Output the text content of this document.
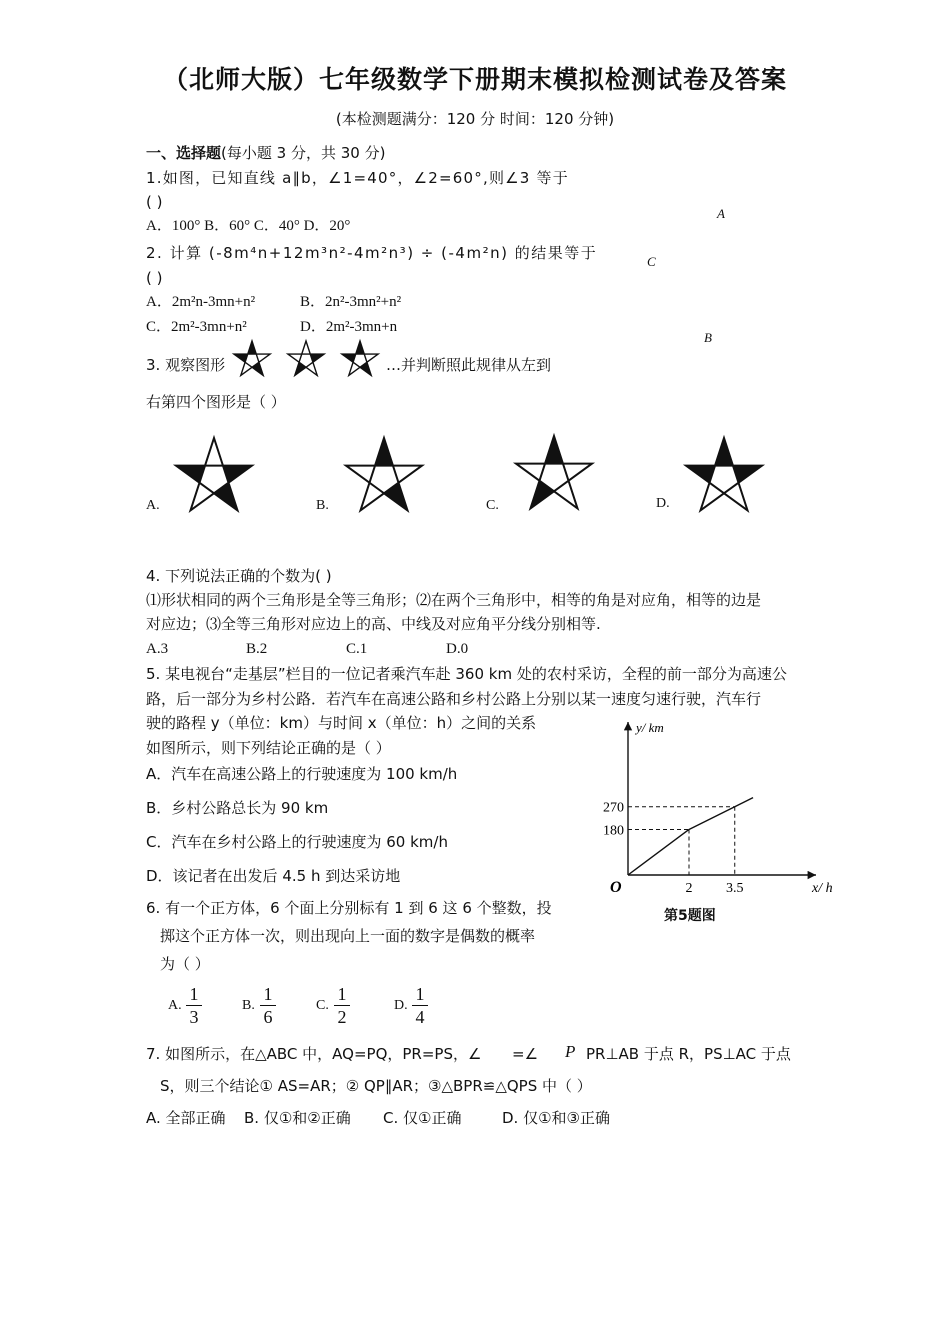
（北师大版）七年级数学下册期末模拟检测试卷及答案
(本检测题满分：120 分 时间：120 分钟)
一、选择题(每小题 3 分，共 30 分)
1.如图，已知直线 a∥b，∠1=40°，∠2=60°,则∠3 等于
( )
A．100° B．60° C．40° D．20°
A
C
B
2. 计算 (-8m⁴n+12m³n²-4m²n³) ÷ (-4m²n) 的结果等于
( )
A．2m²n-3mn+n²	B．2n²-3mn²+n²
C．2m²-3mn+n²	D．2m²-3mn+n
3. 观察图形	…并判断照此规律从左到
右第四个图形是（ ）
A.	B.	C.	D.
4. 下列说法正确的个数为( )
⑴形状相同的两个三角形是全等三角形；⑵在两个三角形中，相等的角是对应角，相等的边是
对应边；⑶全等三角形对应边上的高、中线及对应角平分线分别相等.
A.3	B.2	C.1	D.0
5. 某电视台“走基层”栏目的一位记者乘汽车赴 360 km 处的农村采访，全程的前一部分为高速公
路，后一部分为乡村公路．若汽车在高速公路和乡村公路上分别以某一速度匀速行驶，汽车行
驶的路程 y（单位：km）与时间 x（单位：h）之间的关系
如图所示，则下列结论正确的是（ ）
A．汽车在高速公路上的行驶速度为 100 km/h
B．乡村公路总长为 90 km
C．汽车在乡村公路上的行驶速度为 60 km/h
D．该记者在出发后 4.5 h 到达采访地
2 3.5
180
270
y/ km
x/ h
O
第5题图
6. 有一个正方体，6 个面上分别标有 1 到 6 这 6 个整数，投
掷这个正方体一次，则出现向上一面的数字是偶数的概率
为（ ）
A.
1
3
B.
1
6
C.
1
2
D.
1
4
7. 如图所示，在△ABC 中，AQ=PQ，PR=PS，∠ =∠ P PR⊥AB 于点 R，PS⊥AC 于点
S，则三个结论① AS=AR；② QP∥AR；③△BPR≌△QPS 中（ ）
A. 全部正确 B. 仅①和②正确 C. 仅①正确	D. 仅①和③正确
